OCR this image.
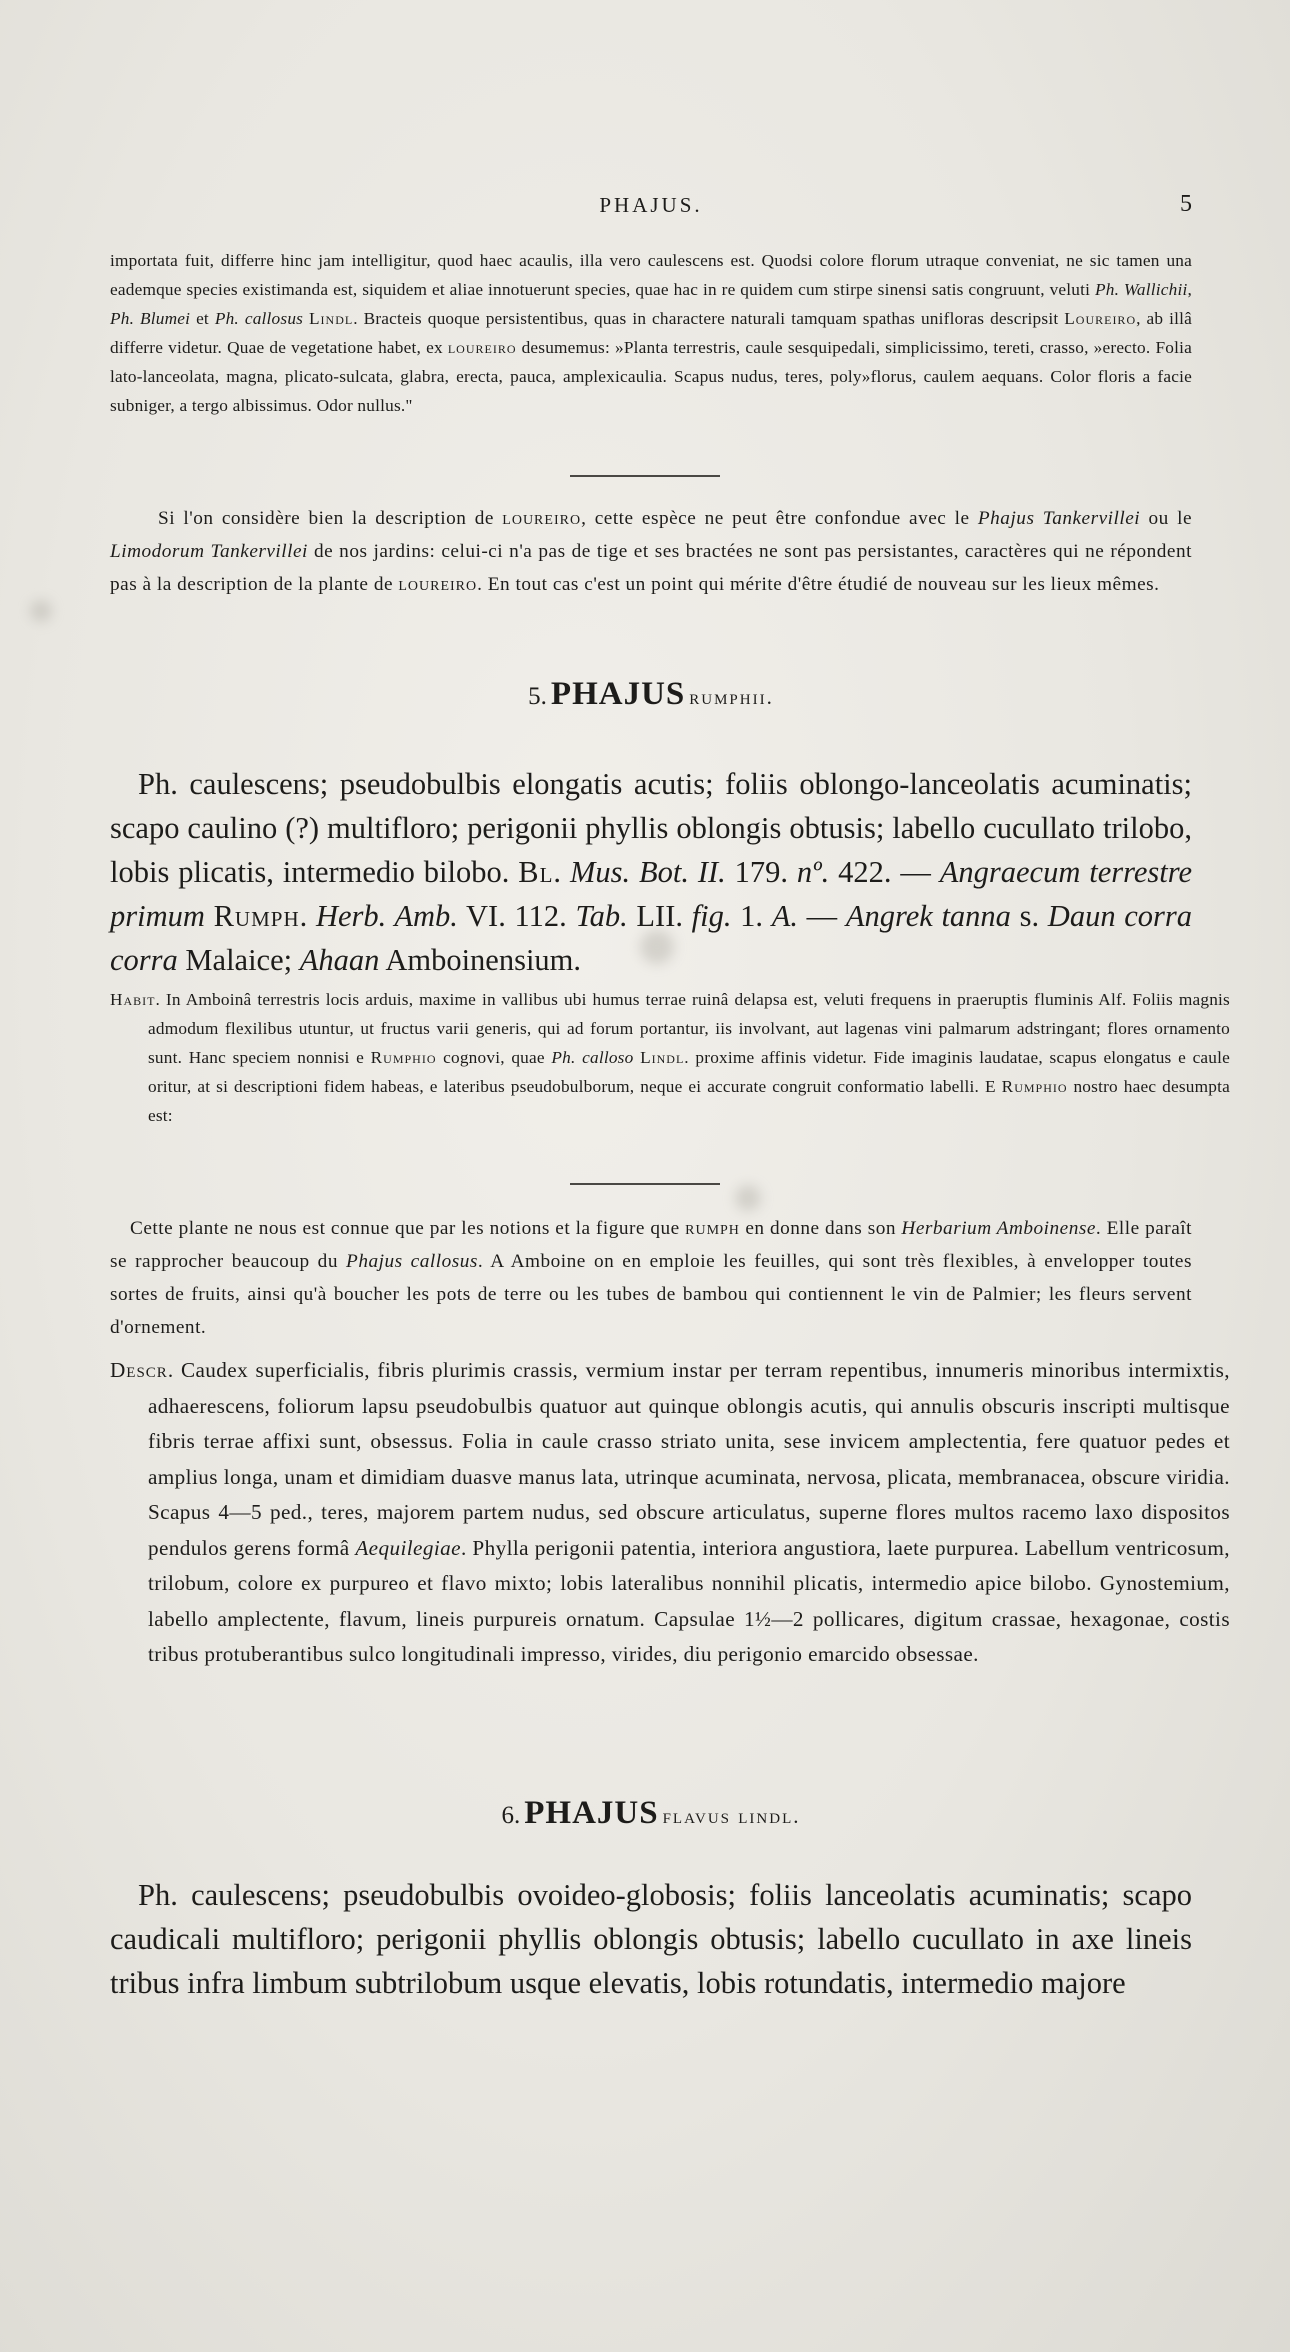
PHAJUS.	5
importata fuit, differre hinc jam intelligitur, quod haec acaulis, illa vero caulescens est. Quodsi colore florum utraque conveniat, ne sic tamen una eademque species existimanda est, siquidem et aliae innotuerunt species, quae hac in re quidem cum stirpe sinensi satis congruunt, veluti Ph. Wallichii, Ph. Blumei et Ph. callosus Lindl. Bracteis quoque persistentibus, quas in charactere naturali tamquam spathas unifloras descripsit Loureiro, ab illâ differre videtur. Quae de vegetatione habet, ex loureiro desumemus: »Planta terrestris, caule sesquipedali, simplicissimo, tereti, crasso, »erecto. Folia lato-lanceolata, magna, plicato-sulcata, glabra, erecta, pauca, amplexicaulia. Scapus nudus, teres, poly»florus, caulem aequans. Color floris a facie subniger, a tergo albissimus. Odor nullus."
Si l'on considère bien la description de loureiro, cette espèce ne peut être confondue avec le Phajus Tankervillei ou le Limodorum Tankervillei de nos jardins: celui-ci n'a pas de tige et ses bractées ne sont pas persistantes, caractères qui ne répondent pas à la description de la plante de loureiro. En tout cas c'est un point qui mérite d'être étudié de nouveau sur les lieux mêmes.
5. PHAJUS rumphii.
Ph. caulescens; pseudobulbis elongatis acutis; foliis oblongo-lanceolatis acuminatis; scapo caulino (?) multifloro; perigonii phyllis oblongis obtusis; labello cucullato trilobo, lobis plicatis, intermedio bilobo. Bl. Mus. Bot. II. 179. nº. 422. — Angraecum terrestre primum Rumph. Herb. Amb. VI. 112. Tab. LII. fig. 1. A. — Angrek tanna s. Daun corra corra Malaice; Ahaan Amboinensium.
Habit. In Amboinâ terrestris locis arduis, maxime in vallibus ubi humus terrae ruinâ delapsa est, veluti frequens in praeruptis fluminis Alf. Foliis magnis admodum flexilibus utuntur, ut fructus varii generis, qui ad forum portantur, iis involvant, aut lagenas vini palmarum adstringant; flores ornamento sunt. Hanc speciem nonnisi e Rumphio cognovi, quae Ph. calloso Lindl. proxime affinis videtur. Fide imaginis laudatae, scapus elongatus e caule oritur, at si descriptioni fidem habeas, e lateribus pseudobulborum, neque ei accurate congruit conformatio labelli. E Rumphio nostro haec desumpta est:
Cette plante ne nous est connue que par les notions et la figure que rumph en donne dans son Herbarium Amboinense. Elle paraît se rapprocher beaucoup du Phajus callosus. A Amboine on en emploie les feuilles, qui sont très flexibles, à envelopper toutes sortes de fruits, ainsi qu'à boucher les pots de terre ou les tubes de bambou qui contiennent le vin de Palmier; les fleurs servent d'ornement.
Descr. Caudex superficialis, fibris plurimis crassis, vermium instar per terram repentibus, innumeris minoribus intermixtis, adhaerescens, foliorum lapsu pseudobulbis quatuor aut quinque oblongis acutis, qui annulis obscuris inscripti multisque fibris terrae affixi sunt, obsessus. Folia in caule crasso striato unita, sese invicem amplectentia, fere quatuor pedes et amplius longa, unam et dimidiam duasve manus lata, utrinque acuminata, nervosa, plicata, membranacea, obscure viridia. Scapus 4—5 ped., teres, majorem partem nudus, sed obscure articulatus, superne flores multos racemo laxo dispositos pendulos gerens formâ Aequilegiae. Phylla perigonii patentia, interiora angustiora, laete purpurea. Labellum ventricosum, trilobum, colore ex purpureo et flavo mixto; lobis lateralibus nonnihil plicatis, intermedio apice bilobo. Gynostemium, labello amplectente, flavum, lineis purpureis ornatum. Capsulae 1½—2 pollicares, digitum crassae, hexagonae, costis tribus protuberantibus sulco longitudinali impresso, virides, diu perigonio emarcido obsessae.
6. PHAJUS flavus lindl.
Ph. caulescens; pseudobulbis ovoideo-globosis; foliis lanceolatis acuminatis; scapo caudicali multifloro; perigonii phyllis oblongis obtusis; labello cucullato in axe lineis tribus infra limbum subtrilobum usque elevatis, lobis rotundatis, intermedio majore
